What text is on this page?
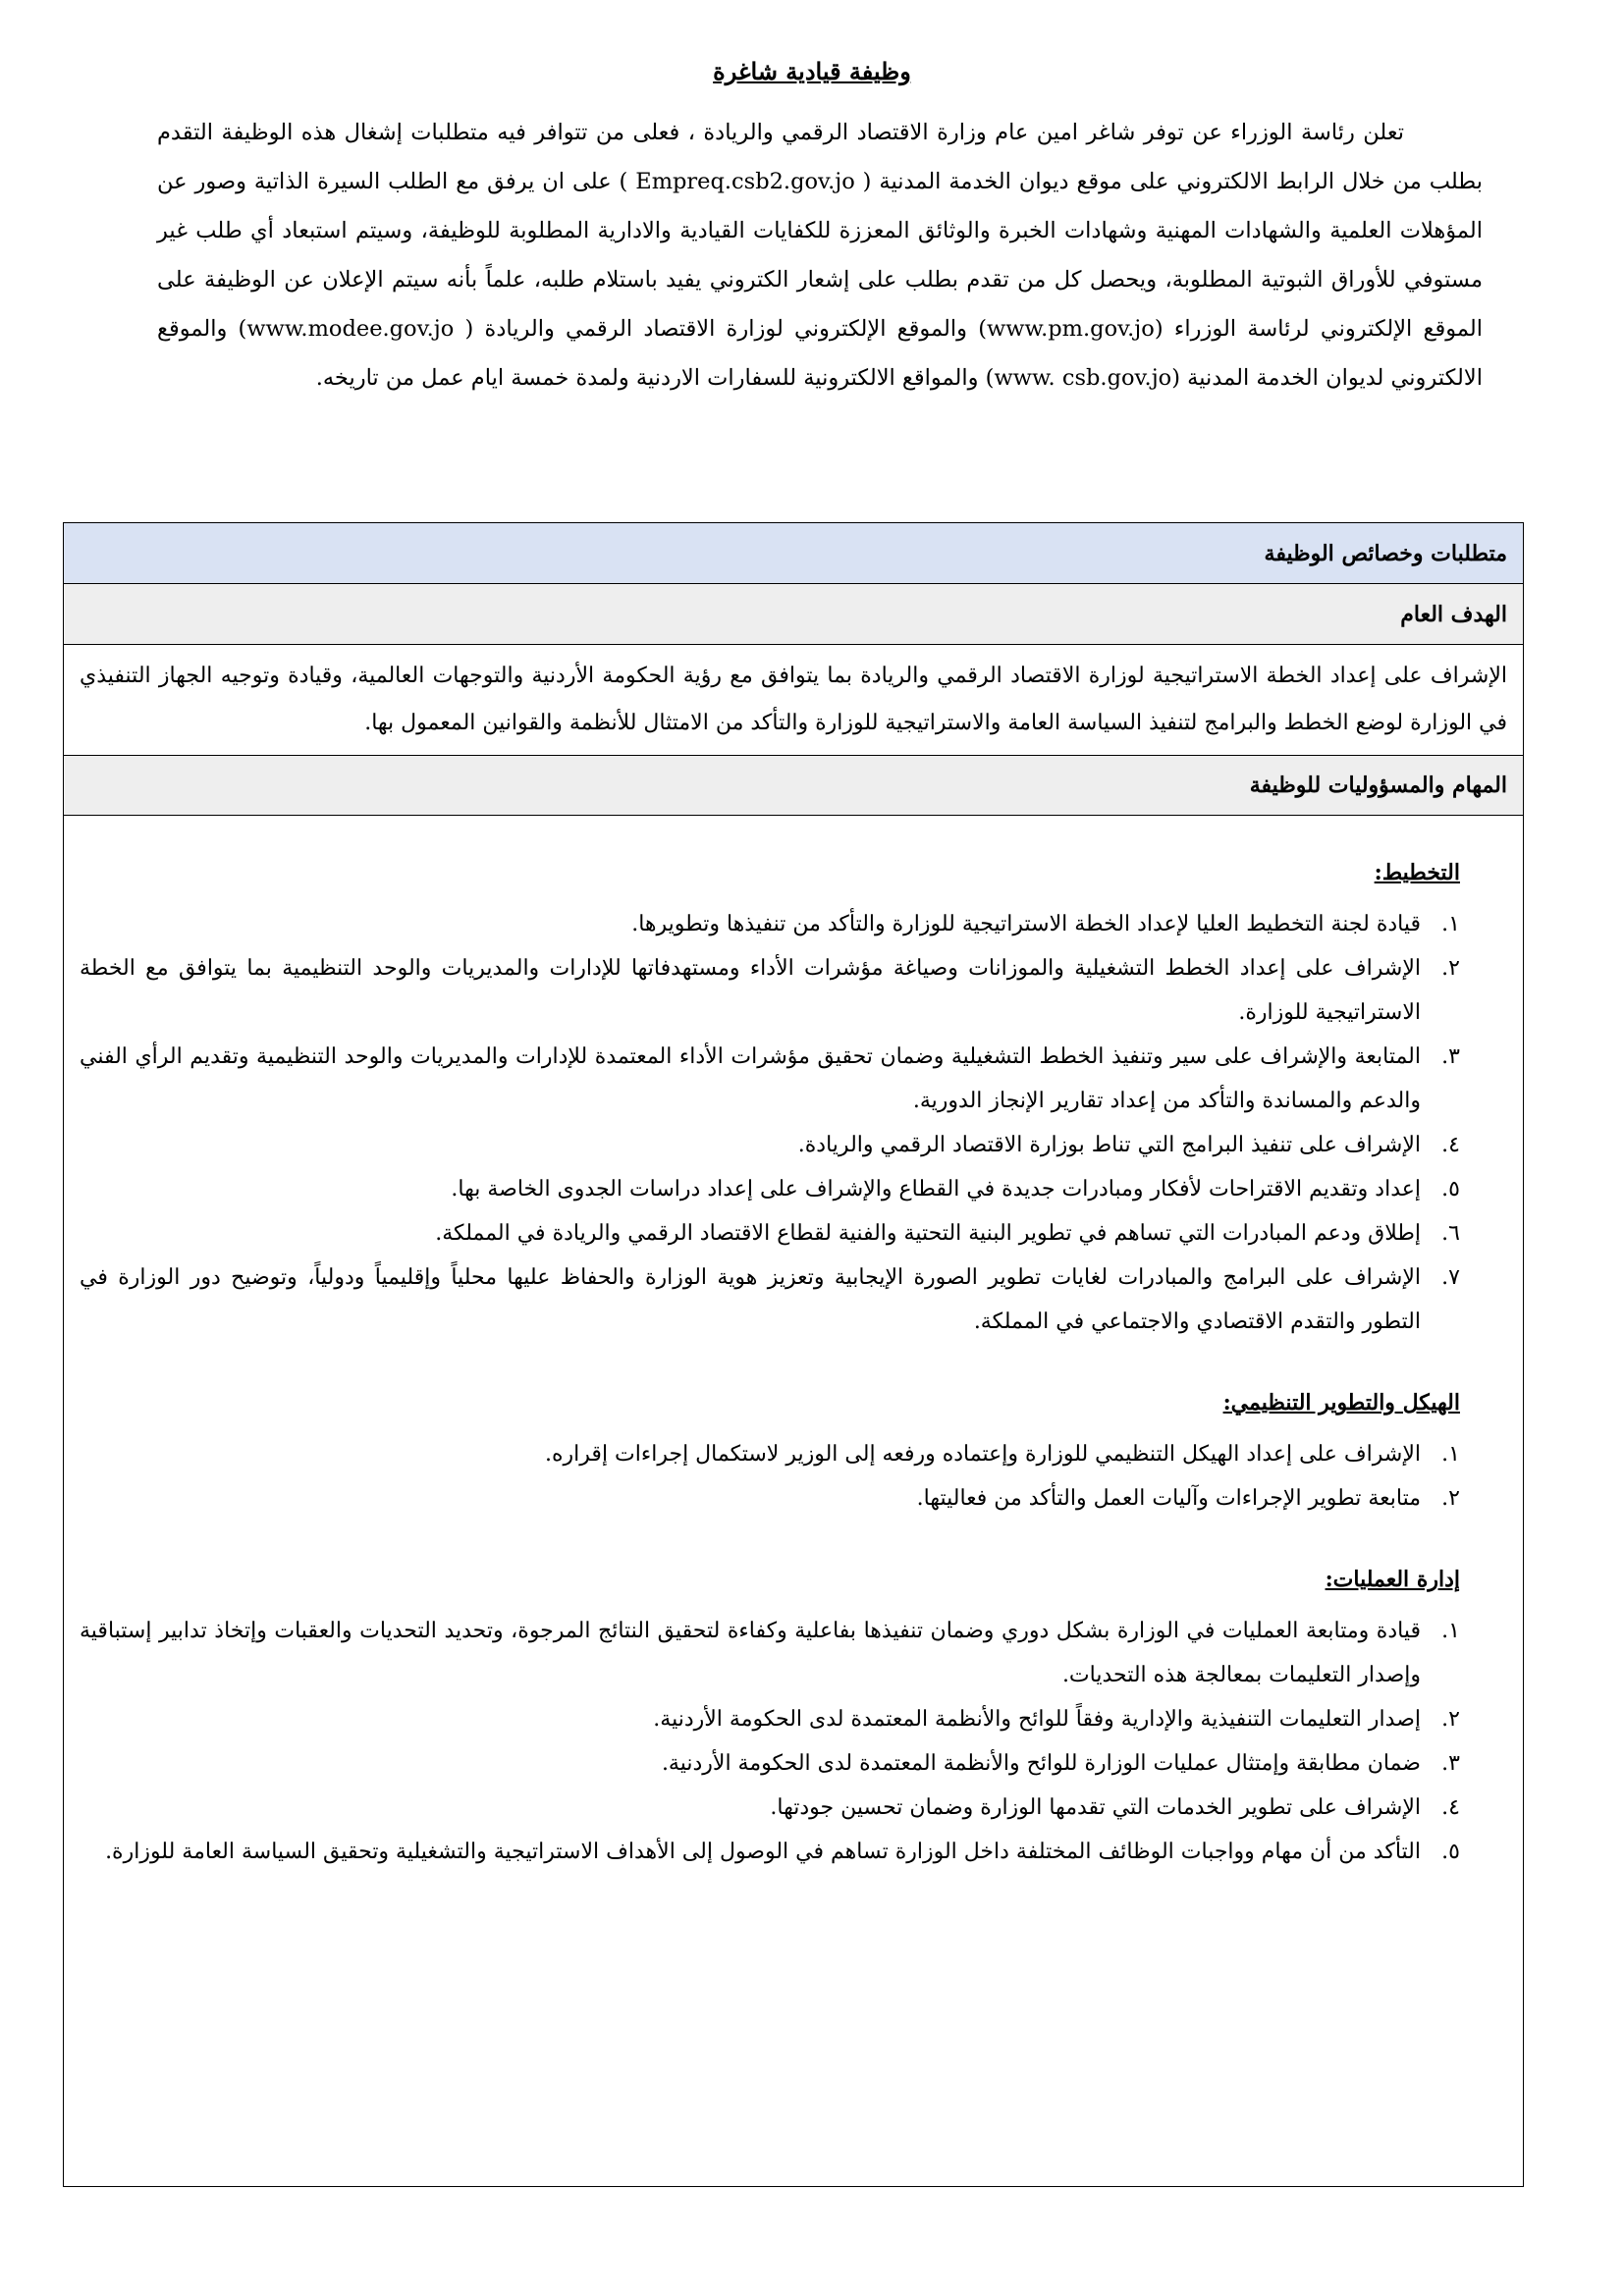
وظيفة قيادية شاغرة

تعلن رئاسة الوزراء عن توفر شاغر امين عام وزارة الاقتصاد الرقمي والريادة ، فعلى من تتوافر فيه متطلبات إشغال هذه الوظيفة التقدم بطلب من خلال الرابط الالكتروني على موقع ديوان الخدمة المدنية ( Empreq.csb2.gov.jo ) على ان يرفق مع الطلب السيرة الذاتية وصور عن المؤهلات العلمية والشهادات المهنية وشهادات الخبرة والوثائق المعززة للكفايات القيادية والادارية المطلوبة للوظيفة، وسيتم استبعاد أي طلب غير مستوفي للأوراق الثبوتية المطلوبة، ويحصل كل من تقدم بطلب على إشعار الكتروني يفيد باستلام طلبه، علماً بأنه سيتم الإعلان عن الوظيفة على الموقع الإلكتروني لرئاسة الوزراء (www.pm.gov.jo) والموقع الإلكتروني لوزارة الاقتصاد الرقمي والريادة ( www.modee.gov.jo) والموقع الالكتروني لديوان الخدمة المدنية (www. csb.gov.jo) والمواقع الالكترونية للسفارات الاردنية ولمدة خمسة ايام عمل من تاريخه.

متطلبات وخصائص الوظيفة
الهدف العام

الإشراف على إعداد الخطة الاستراتيجية لوزارة الاقتصاد الرقمي والريادة بما يتوافق مع رؤية الحكومة الأردنية والتوجهات العالمية، وقيادة وتوجيه الجهاز التنفيذي في الوزارة لوضع الخطط والبرامج لتنفيذ السياسة العامة والاستراتيجية للوزارة والتأكد من الامتثال للأنظمة والقوانين المعمول بها.

المهام والمسؤوليات للوظيفة
التخطيط:
١.
قيادة لجنة التخطيط العليا لإعداد الخطة الاستراتيجية للوزارة والتأكد من تنفيذها وتطويرها.
٢.
الإشراف على إعداد الخطط التشغيلية والموزانات وصياغة مؤشرات الأداء ومستهدفاتها للإدارات والمديريات والوحد التنظيمية بما يتوافق مع الخطة الاستراتيجية للوزارة.
٣.
المتابعة والإشراف على سير وتنفيذ الخطط التشغيلية وضمان تحقيق مؤشرات الأداء المعتمدة للإدارات والمديريات والوحد التنظيمية وتقديم الرأي الفني والدعم والمساندة والتأكد من إعداد تقارير الإنجاز الدورية.
٤.
الإشراف على تنفيذ البرامج التي تناط بوزارة الاقتصاد الرقمي والريادة.
٥.
إعداد وتقديم الاقتراحات لأفكار ومبادرات جديدة في القطاع والإشراف على إعداد دراسات الجدوى الخاصة بها.
٦.
إطلاق ودعم المبادرات التي تساهم في تطوير البنية التحتية والفنية لقطاع الاقتصاد الرقمي والريادة في المملكة.
٧.
الإشراف على البرامج والمبادرات لغايات تطوير الصورة الإيجابية وتعزيز هوية الوزارة والحفاظ عليها محلياً وإقليمياً ودولياً، وتوضيح دور الوزارة في التطور والتقدم الاقتصادي والاجتماعي في المملكة.
الهيكل والتطوير التنظيمي:
١.
الإشراف على إعداد الهيكل التنظيمي للوزارة وإعتماده ورفعه إلى الوزير لاستكمال إجراءات إقراره.
٢.
متابعة تطوير الإجراءات وآليات العمل والتأكد من فعاليتها.
إدارة العمليات:
١.
قيادة ومتابعة العمليات في الوزارة بشكل دوري وضمان تنفيذها بفاعلية وكفاءة لتحقيق النتائج المرجوة، وتحديد التحديات والعقبات وإتخاذ تدابير إستباقية وإصدار التعليمات بمعالجة هذه التحديات.
٢.
إصدار التعليمات التنفيذية والإدارية وفقاً للوائح والأنظمة المعتمدة لدى الحكومة الأردنية.
٣.
ضمان مطابقة وإمتثال عمليات الوزارة للوائح والأنظمة المعتمدة لدى الحكومة الأردنية.
٤.
الإشراف على تطوير الخدمات التي تقدمها الوزارة وضمان تحسين جودتها.
٥.
التأكد من أن مهام وواجبات الوظائف المختلفة داخل الوزارة تساهم في الوصول إلى الأهداف الاستراتيجية والتشغيلية وتحقيق السياسة العامة للوزارة.
